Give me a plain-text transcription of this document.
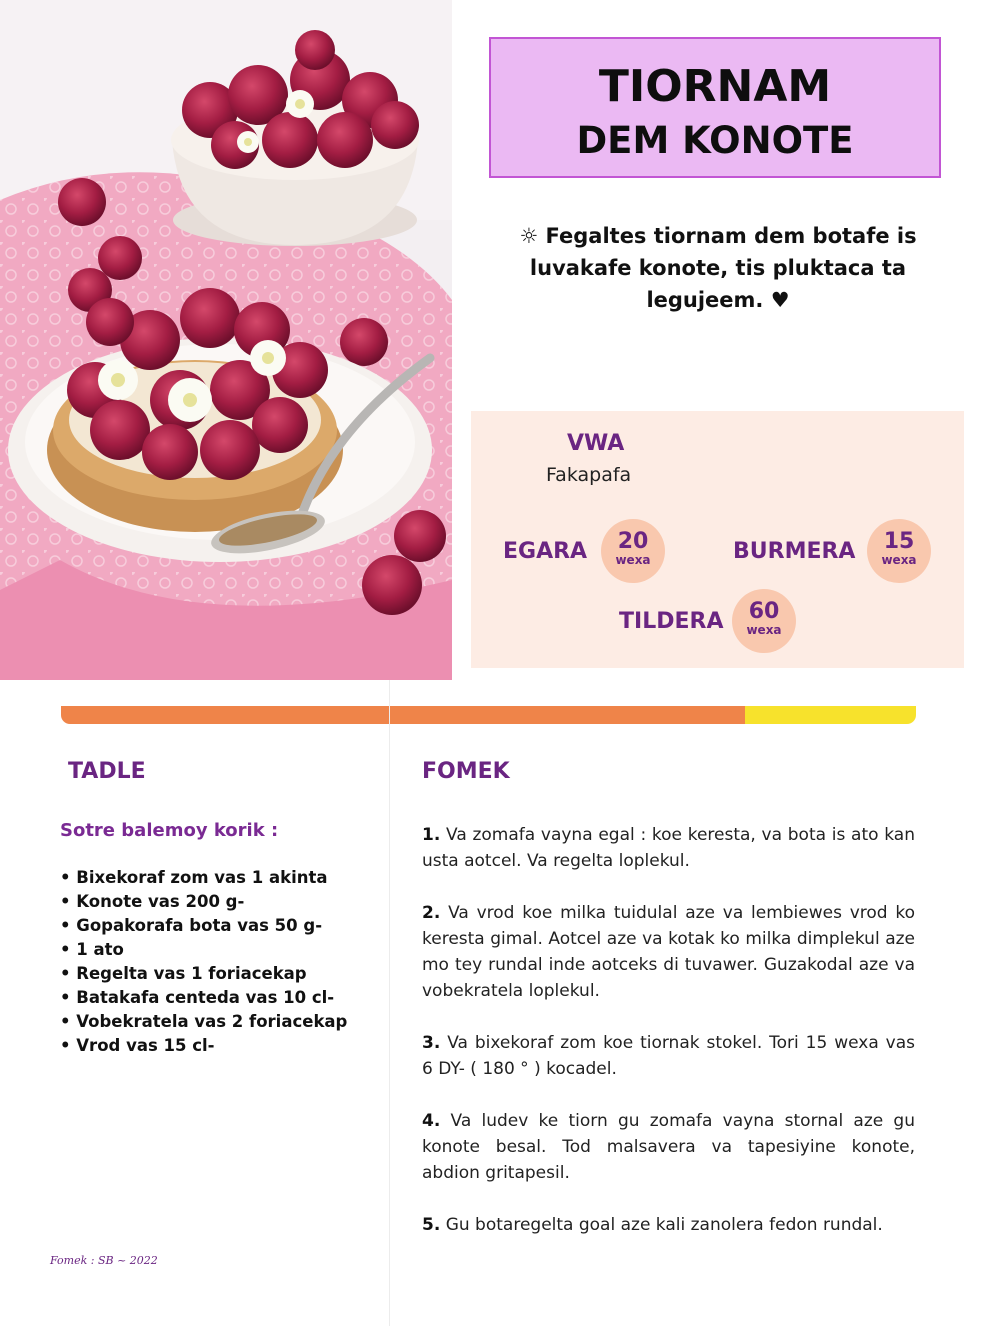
TIORNAM
DEM KONOTE
☼ Fegaltes tiornam dem botafe is luvakafe konote, tis pluktaca ta legujeem. ♥
VWA
Fakapafa
EGARA	20
wexa	BURMERA	15
wexa
TILDERA	60
wexa
TADLE
Sotre balemoy korik :
• Bixekoraf zom vas 1 akinta
• Konote vas 200 g-
• Gopakorafa bota vas 50 g-
• 1 ato
• Regelta vas 1 foriacekap
• Batakafa centeda vas 10 cl-
• Vobekratela vas 2 foriacekap
• Vrod vas 15 cl-
FOMEK

1. Va zomafa vayna egal : koe keresta, va bota is ato kan usta aotcel. Va regelta loplekul.

2. Va vrod koe milka tuidulal aze va lembiewes vrod ko keresta gimal. Aotcel aze va kotak ko milka dimplekul aze mo tey rundal inde aotceks di tuvawer. Guzakodal aze va vobekratela loplekul.

3. Va bixekoraf zom koe tiornak stokel. Tori 15 wexa vas 6 DY- ( 180 ° ) kocadel.

4. Va ludev ke tiorn gu zomafa vayna stornal aze gu konote besal. Tod malsavera va tapesiyine konote, abdion gritapesil.

5. Gu botaregelta goal aze kali zanolera fedon rundal.

Fomek : SB ~ 2022
